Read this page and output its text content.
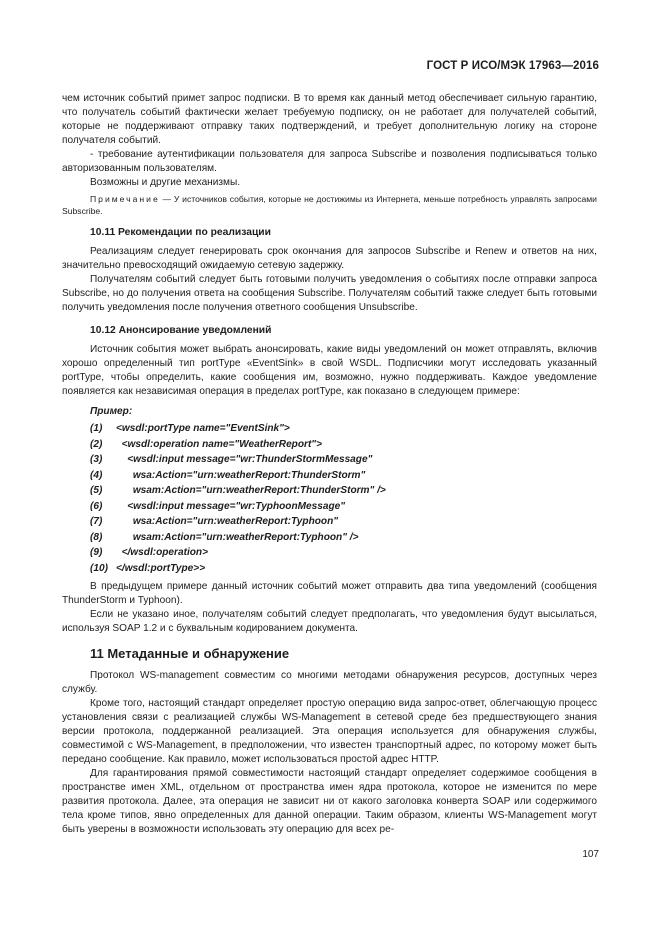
ГОСТ Р ИСО/МЭК 17963—2016

чем источник событий примет запрос подписки. В то время как данный метод обеспечивает сильную гарантию, что получатель событий фактически желает требуемую подписку, он не работает для получателей событий, которые не поддерживают отправку таких подтверждений, и требует дополнительную логику на стороне получателя событий.

- требование аутентификации пользователя для запроса Subscribe и позволения подписываться только авторизованным пользователям.

Возможны и другие механизмы.

Примечание — У источников события, которые не достижимы из Интернета, меньше потребность управлять запросами Subscribe.

10.11 Рекомендации по реализации

Реализациям следует генерировать срок окончания для запросов Subscribe и Renew и ответов на них, значительно превосходящий ожидаемую сетевую задержку.

Получателям событий следует быть готовыми получить уведомления о событиях после отправки запроса Subscribe, но до получения ответа на сообщения Subscribe. Получателям событий также следует быть готовыми получить уведомления после получения ответного сообщения Unsubscribe.

10.12 Анонсирование уведомлений

Источник события может выбрать анонсировать, какие виды уведомлений он может отправлять, включив хорошо определенный тип portType «EventSink» в свой WSDL. Подписчики могут исследовать указанный portType, чтобы определить, какие сообщения им, возможно, нужно поддерживать. Каждое уведомление появляется как независимая операция в пределах portType, как показано в следующем примере:

Пример:
(1) <wsdl:portType name="EventSink">
(2)  <wsdl:operation name="WeatherReport">
(3)    <wsdl:input message="wr:ThunderStormMessage"
(4)      wsa:Action="urn:weatherReport:ThunderStorm"
(5)      wsam:Action="urn:weatherReport:ThunderStorm" />
(6)    <wsdl:input message="wr:TyphoonMessage"
(7)      wsa:Action="urn:weatherReport:Typhoon"
(8)      wsam:Action="urn:weatherReport:Typhoon" />
(9)  </wsdl:operation>
(10) </wsdl:portType>>

В предыдущем примере данный источник событий может отправить два типа уведомлений (сообщения ThunderStorm и Typhoon).

Если не указано иное, получателям событий следует предполагать, что уведомления будут высылаться, используя SOAP 1.2 и с буквальным кодированием документа.

11 Метаданные и обнаружение

Протокол WS-management совместим со многими методами обнаружения ресурсов, доступных через службу.

Кроме того, настоящий стандарт определяет простую операцию вида запрос-ответ, облегчающую процесс установления связи с реализацией службы WS-Management в сетевой среде без предшествующего знания версии протокола, поддержанной реализацией. Эта операция используется для обнаружения службы, совместимой с WS-Management, в предположении, что известен транспортный адрес, по которому может быть передано сообщение. Как правило, может использоваться простой адрес HTTP.

Для гарантирования прямой совместимости настоящий стандарт определяет содержимое сообщения в пространстве имен XML, отдельном от пространства имен ядра протокола, которое не изменится по мере развития протокола. Далее, эта операция не зависит ни от какого заголовка конверта SOAP или содержимого тела кроме типов, явно определенных для данной операции. Таким образом, клиенты WS-Management могут быть уверены в возможности использовать эту операцию для всех ре-

107
